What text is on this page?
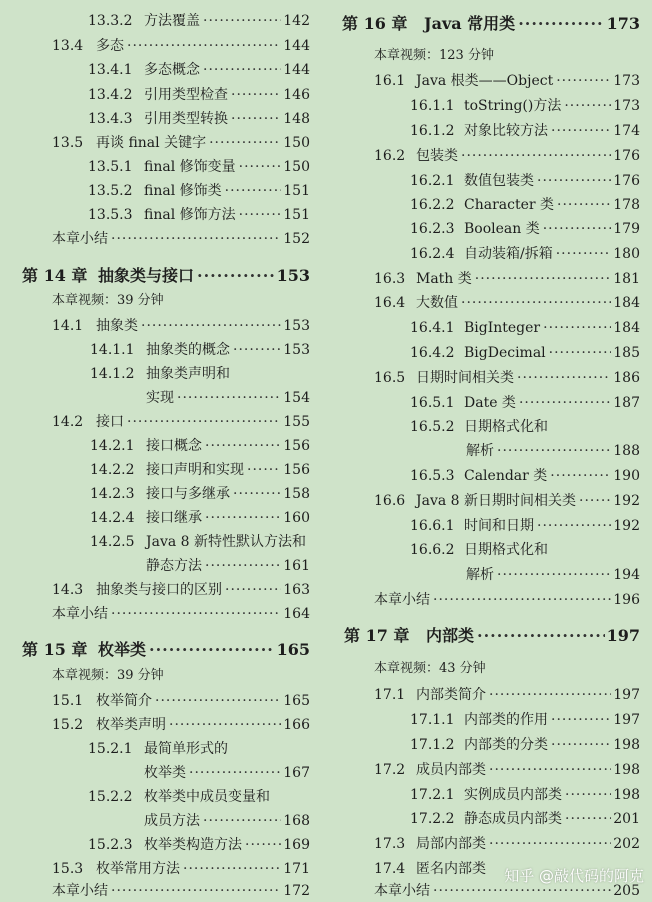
13.3.2 方法覆盖 ·····	142
13.4 多态 ·····	144
13.4.1 多态概念 ·····	144
13.4.2 引用类型检查 ·····	146
13.4.3 引用类型转换 ·····	148
13.5 再谈 final 关键字 ·····	150
13.5.1 final 修饰变量 ·····	150
13.5.2 final 修饰类 ·····	151
13.5.3 final 修饰方法 ·····	151
本章小结 ·····	152
第 14 章 抽象类与接口 ·····	153
本章视频：39 分钟
14.1 抽象类 ·····	153
14.1.1 抽象类的概念 ·····	153
14.1.2 抽象类声明和
实现 ·····	154
14.2 接口 ·····	155
14.2.1 接口概念 ·····	156
14.2.2 接口声明和实现 ·····	156
14.2.3 接口与多继承 ·····	158
14.2.4 接口继承 ·····	160
14.2.5 Java 8 新特性默认方法和
静态方法 ·····	161
14.3 抽象类与接口的区别 ·····	163
本章小结 ·····	164
第 15 章 枚举类 ·····	165
本章视频：39 分钟
15.1 枚举简介 ·····	165
15.2 枚举类声明 ·····	166
15.2.1 最简单形式的
枚举类 ·····	167
15.2.2 枚举类中成员变量和
成员方法 ·····	168
15.2.3 枚举类构造方法 ·····	169
15.3 枚举常用方法 ·····	171
本章小结 ·····	172
第 16 章	Java 常用类 ·····	173
本章视频：123 分钟
16.1 Java 根类——Object ·····	173
16.1.1 toString()方法 ·····	173
16.1.2 对象比较方法 ·····	174
16.2 包装类 ·····	176
16.2.1 数值包装类 ·····	176
16.2.2 Character 类 ·····	178
16.2.3 Boolean 类 ·····	179
16.2.4 自动装箱/拆箱 ·····	180
16.3 Math 类 ·····	181
16.4 大数值 ·····	184
16.4.1 BigInteger ·····	184
16.4.2 BigDecimal ·····	185
16.5 日期时间相关类 ·····	186
16.5.1 Date 类 ·····	187
16.5.2 日期格式化和
解析 ·····	188
16.5.3 Calendar 类 ·····	190
16.6 Java 8 新日期时间相关类 ·····	192
16.6.1 时间和日期 ·····	192
16.6.2 日期格式化和
解析 ·····	194
本章小结 ·····	196
第 17 章	内部类 ·····	197
本章视频：43 分钟
17.1 内部类简介 ·····	197
17.1.1 内部类的作用 ·····	197
17.1.2 内部类的分类 ·····	198
17.2 成员内部类 ·····	198
17.2.1 实例成员内部类 ·····	198
17.2.2 静态成员内部类 ·····	201
17.3 局部内部类 ·····	202
17.4 匿名内部类
本章小结 ·····	205
知乎 @敲代码的阿克
